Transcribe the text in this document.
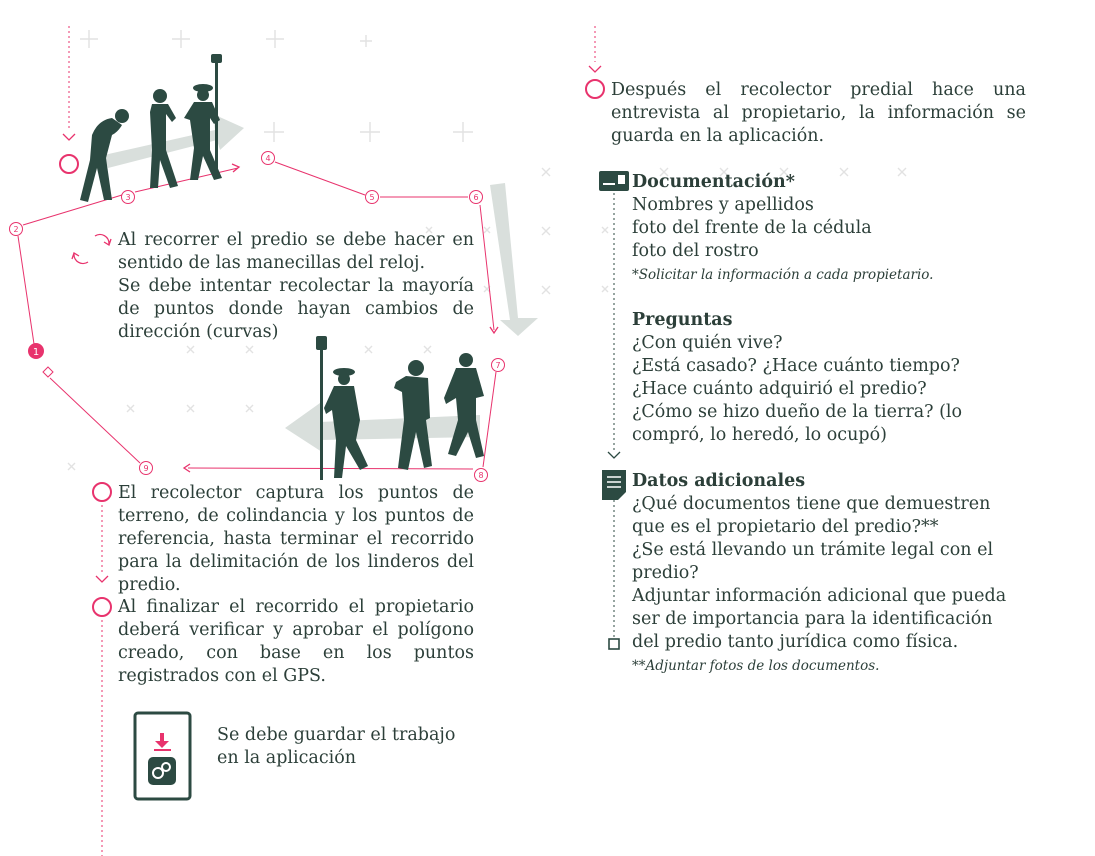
1
2
3
4
5	6
7
8
9
Al recorrer el predio se debe hacer en sentido de las manecillas del reloj.
Se debe intentar recolectar la mayoría de puntos donde hayan cambios de dirección (curvas)

El recolector captura los puntos de terreno, de colindancia y los puntos de referencia, hasta terminar el recorrido para la delimitación de los linderos del predio.

Al finalizar el recorrido el propietario deberá verificar y aprobar el polígono creado, con base en los puntos registrados con el GPS.

Se debe guardar el trabajo en la aplicación

Después el recolector predial hace una entrevista al propietario, la información se guarda en la aplicación.

Documentación*
Nombres y apellidos
foto del frente de la cédula
foto del rostro
*Solicitar la información a cada propietario.
Preguntas
¿Con quién vive?
¿Está casado? ¿Hace cuánto tiempo?
¿Hace cuánto adquirió el predio?
¿Cómo se hizo dueño de la tierra? (lo compró, lo heredó, lo ocupó)
Datos adicionales
¿Qué documentos tiene que demuestren que es el propietario del predio?**
¿Se está llevando un trámite legal con el predio?
Adjuntar información adicional que pueda ser de importancia para la identificación del predio tanto jurídica como física.
**Adjuntar fotos de los documentos.
